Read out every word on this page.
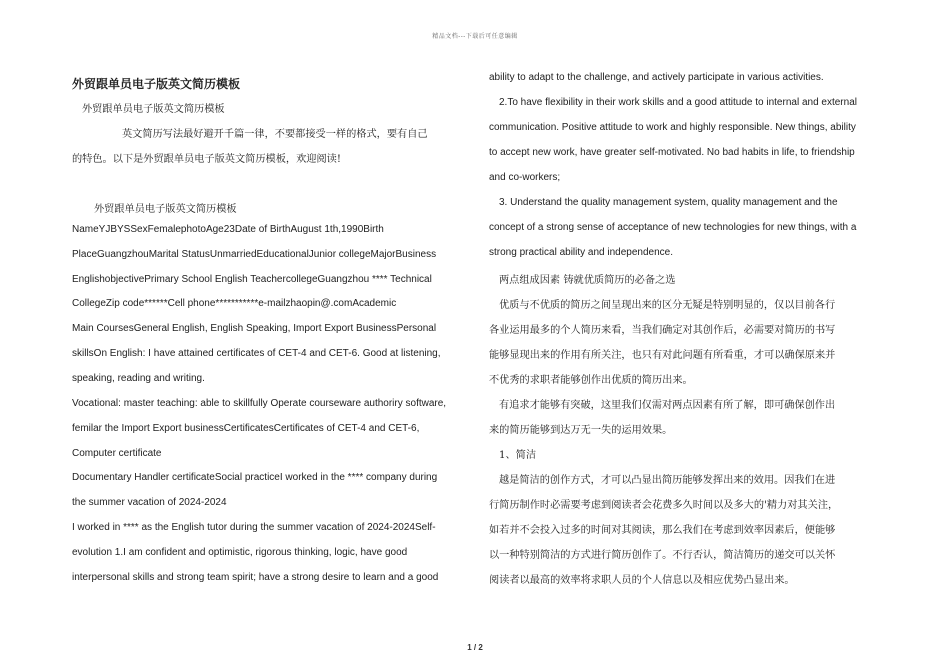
精品文档---下载后可任意编辑
外贸跟单员电子版英文简历模板
外贸跟单员电子版英文简历模板
英文简历写法最好避开千篇一律，不要都接受一样的格式，要有自己
的特色。以下是外贸跟单员电子版英文简历模板，欢迎阅读!
外贸跟单员电子版英文简历模板
NameYJBYSSexFemalephotoAge23Date of BirthAugust 1th,1990Birth
PlaceGuangzhouMarital StatusUnmarriedEducationalJunior collegeMajorBusiness
EnglishobjectivePrimary School English TeachercollegeGuangzhou **** Technical
CollegeZip code******Cell phone***********e-mailzhaopin@.comAcademic
Main CoursesGeneral English, English Speaking, Import Export BusinessPersonal
skillsOn English: I have attained certificates of CET-4 and CET-6. Good at listening,
speaking, reading and writing.
Vocational: master teaching: able to skillfully Operate courseware authoriry software,
femilar the Import Export businessCertificatesCertificates of CET-4 and CET-6,
Computer certificate
Documentary Handler certificateSocial practiceI worked in the **** company during
the summer vacation of 2024-2024
I worked in **** as the English tutor during the summer vacation of 2024-2024Self-
evolution 1.I am confident and optimistic, rigorous thinking, logic, have good
interpersonal skills and strong team spirit; have a strong desire to learn and a good
ability to adapt to the challenge, and actively participate in various activities.
2.To have flexibility in their work skills and a good attitude to internal and external
communication. Positive attitude to work and highly responsible. New things, ability
to accept new work, have greater self-motivated. No bad habits in life, to friendship
and co-workers;
3. Understand the quality management system, quality management and the
concept of a strong sense of acceptance of new technologies for new things, with a
strong practical ability and independence.
两点组成因素 铸就优质简历的必备之选
优质与不优质的简历之间呈现出来的区分无疑是特别明显的，仅以目前各行
各业运用最多的个人简历来看，当我们确定对其创作后，必需要对简历的书写
能够显现出来的作用有所关注，也只有对此问题有所看重，才可以确保原来并
不优秀的求职者能够创作出优质的简历出来。
有追求才能够有突破，这里我们仅需对两点因素有所了解，即可确保创作出
来的简历能够到达万无一失的运用效果。
1、简洁
越是简洁的创作方式，才可以凸显出简历能够发挥出来的效用。因我们在进
行简历制作时必需要考虑到阅读者会花费多久时间以及多大的'精力对其关注，
如若并不会投入过多的时间对其阅读，那么我们在考虑到效率因素后，便能够
以一种特别简洁的方式进行简历创作了。不行否认，简洁简历的递交可以关怀
阅读者以最高的效率将求职人员的个人信息以及相应优势凸显出来。
1 / 2
